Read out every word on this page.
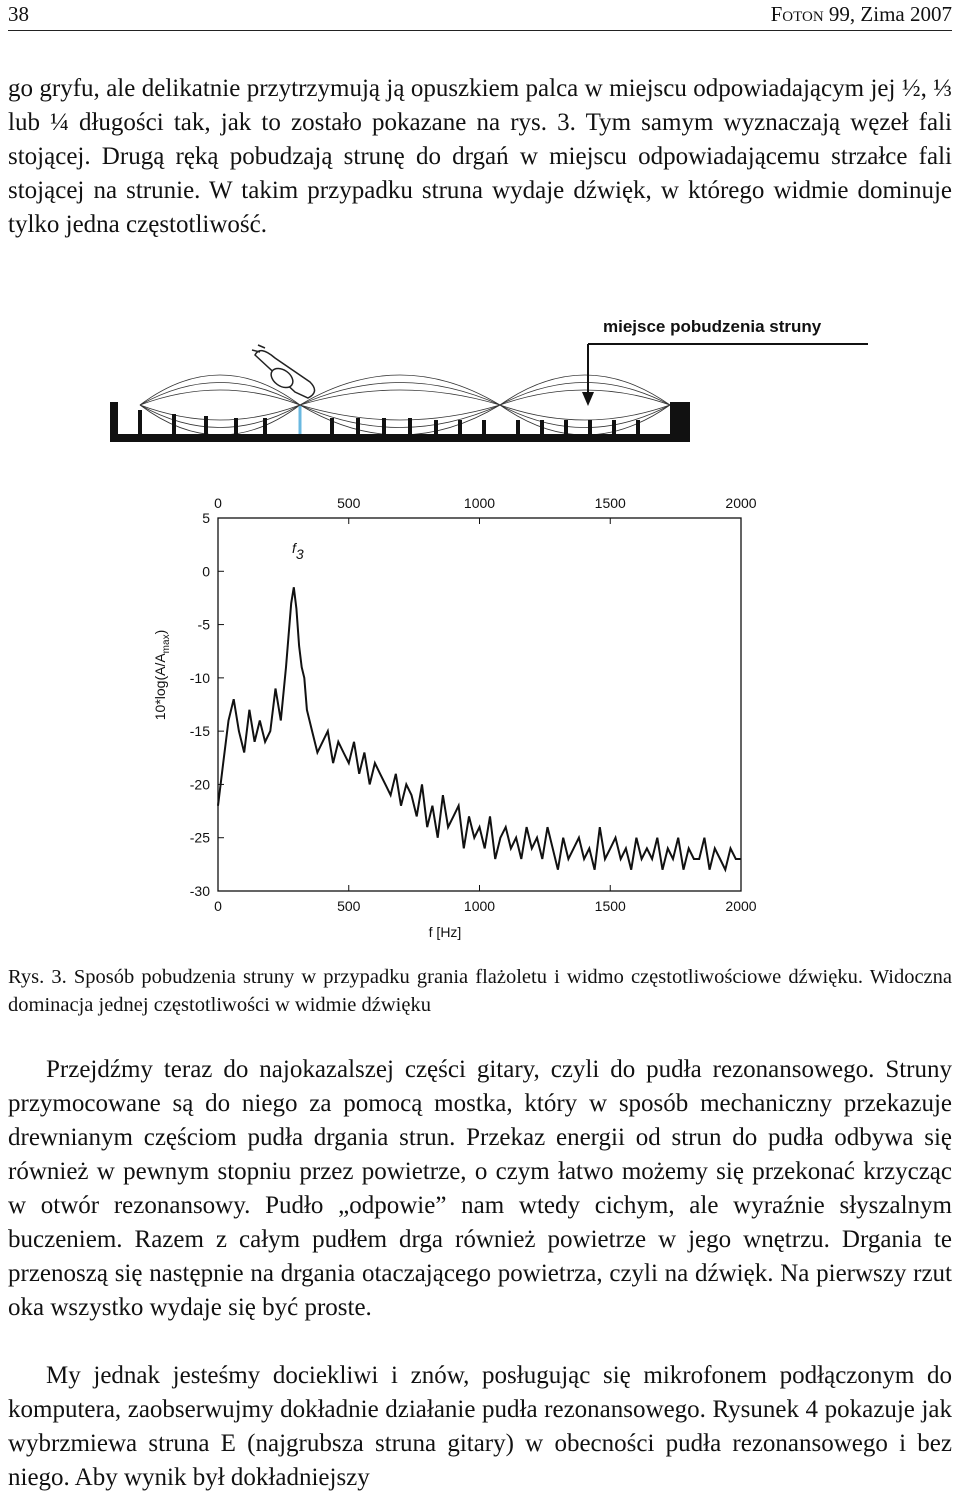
38	Foton 99, Zima 2007
go gryfu, ale delikatnie przytrzymują ją opuszkiem palca w miejscu odpowiadającym jej ½, ⅓ lub ¼ długości tak, jak to zostało pokazane na rys. 3. Tym samym wyznaczają węzeł fali stojącej. Drugą ręką pobudzają strunę do drgań w miejscu odpowiadającemu strzałce fali stojącej na strunie. W takim przypadku struna wydaje dźwięk, w którego widmie dominuje tylko jedna częstotliwość.
miejsce pobudzenia struny
0	500	1000	1500	2000
0	500	1000	1500	2000
5
0
-5
-10
-15
-20
-25
-30
f3
f [Hz]
$10*\log(A/A_{max})$
Rys. 3. Sposób pobudzenia struny w przypadku grania flażoletu i widmo częstotliwościowe dźwięku. Widoczna dominacja jednej częstotliwości w widmie dźwięku
Przejdźmy teraz do najokazalszej części gitary, czyli do pudła rezonansowego. Struny przymocowane są do niego za pomocą mostka, który w sposób mechaniczny przekazuje drewnianym częściom pudła drgania strun. Przekaz energii od strun do pudła odbywa się również w pewnym stopniu przez powietrze, o czym łatwo możemy się przekonać krzycząc w otwór rezonansowy. Pudło „odpowie” nam wtedy cichym, ale wyraźnie słyszalnym buczeniem. Razem z całym pudłem drga również powietrze w jego wnętrzu. Drgania te przenoszą się następnie na drgania otaczającego powietrza, czyli na dźwięk. Na pierwszy rzut oka wszystko wydaje się być proste.
My jednak jesteśmy dociekliwi i znów, posługując się mikrofonem podłączonym do komputera, zaobserwujmy dokładnie działanie pudła rezonansowego. Rysunek 4 pokazuje jak wybrzmiewa struna E (najgrubsza struna gitary) w obecności pudła rezonansowego i bez niego. Aby wynik był dokładniejszy
